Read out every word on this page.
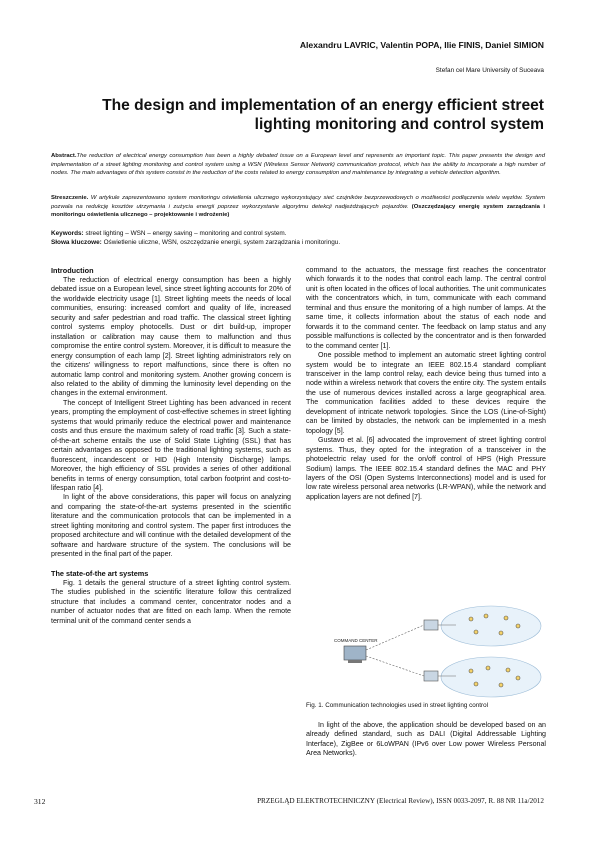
Alexandru LAVRIC, Valentin POPA, Ilie FINIS, Daniel SIMION
Stefan cel Mare University of Suceava
The design and implementation of an energy efficient street lighting monitoring and control system
Abstract.The reduction of electrical energy consumption has been a highly debated issue on a European level and represents an important topic. This paper presents the design and implementation of a street lighting monitoring and control system using a WSN (Wireless Sensor Network) communication protocol, which has the ability to incorporate a high number of nodes. The main advantages of this system consist in the reduction of the costs related to energy consumption and maintenance by integrating a vehicle detection algorithm.
Streszczenie. W artykule zaprezentowano system monitoringu oświetlenia ulicznego wykorzystujący sieć czujników bezprzewodowych o możliwości podłączenia wielu węzłów. System pozwala na redukcję kosztów utrzymania i zużycia energii poprzez wykorzystanie algorytmu detekcji nadjeżdżających pojazdów. (Oszczędzający energię system zarządzania i monitoringu oświetlenia ulicznego – projektowanie i wdrożenie)
Keywords: street lighting – WSN – energy saving – monitoring and control system.
Słowa kluczowe: Oświetlenie uliczne, WSN, oszczędzanie energii, system zarządzania i monitoringu.
Introduction

The reduction of electrical energy consumption has been a highly debated issue on a European level, since street lighting accounts for 20% of the worldwide electricity usage [1]. Street lighting meets the needs of local communities, ensuring: increased comfort and quality of life, increased security and safer pedestrian and road traffic. The classical street lighting control systems employ photocells. Dust or dirt build-up, improper installation or calibration may cause them to malfunction and thus compromise the entire control system. Moreover, it is difficult to measure the energy consumption of each lamp [2]. Street lighting administrators rely on the citizens' willingness to report malfunctions, since there is often no automatic lamp control and monitoring system. Another growing concern is also related to the ability of dimming the luminosity level depending on the changes in the external environment.

The concept of Intelligent Street Lighting has been advanced in recent years, prompting the employment of cost-effective schemes in street lighting systems that would primarily reduce the electrical power and maintenance costs and thus ensure the maximum safety of road traffic [3]. Such a state-of-the-art scheme entails the use of Solid State Lighting (SSL) that has certain advantages as opposed to the traditional lighting systems, such as fluorescent, incandescent or HID (High Intensity Discharge) lamps. Moreover, the high efficiency of SSL provides a series of other additional benefits in terms of energy consumption, total carbon footprint and cost-to-lifespan ratio [4].

In light of the above considerations, this paper will focus on analyzing and comparing the state-of-the-art systems presented in the scientific literature and the communication protocols that can be implemented in a street lighting monitoring and control system. The paper first introduces the proposed architecture and will continue with the detailed development of the software and hardware structure of the system. The conclusions will be presented in the final part of the paper.

The state-of-the art systems

Fig. 1 details the general structure of a street lighting control system. The studies published in the scientific literature follow this centralized structure that includes a command center, concentrator nodes and a number of actuator nodes that are fitted on each lamp. When the remote terminal unit of the command center sends a

command to the actuators, the message first reaches the concentrator which forwards it to the nodes that control each lamp. The central control unit is often located in the offices of local authorities. The unit communicates with the concentrators which, in turn, communicate with each command terminal and thus ensure the monitoring of a high number of lamps. At the same time, it collects information about the status of each node and forwards it to the command center. The feedback on lamp status and any possible malfunctions is collected by the concentrator and is then forwarded to the command center [1].

One possible method to implement an automatic street lighting control system would be to integrate an IEEE 802.15.4 standard compliant transceiver in the lamp control relay, each device being thus turned into a node within a wireless network that covers the entire city. The system entails the use of numerous devices installed across a large geographical area. The communication facilities added to these devices require the development of intricate network topologies. Since the LOS (Line-of-Sight) can be limited by obstacles, the network can be implemented in a mesh topology [5].

Gustavo et al. [6] advocated the improvement of street lighting control systems. Thus, they opted for the integration of a transceiver in the photoelectric relay used for the on/off control of HPS (High Pressure Sodium) lamps. The IEEE 802.15.4 standard defines the MAC and PHY layers of the OSI (Open Systems Interconnections) model and is used for low rate wireless personal area networks (LR-WPAN), while the network and application layers are not defined [7].

COMMAND CENTER
Fig. 1. Communication technologies used in street lighting control

In light of the above, the application should be developed based on an already defined standard, such as DALI (Digital Addressable Lighting Interface), ZigBee or 6LoWPAN (IPv6 over Low power Wireless Personal Area Networks).

312	PRZEGLĄD ELEKTROTECHNICZNY (Electrical Review), ISSN 0033-2097, R. 88 NR 11a/2012
